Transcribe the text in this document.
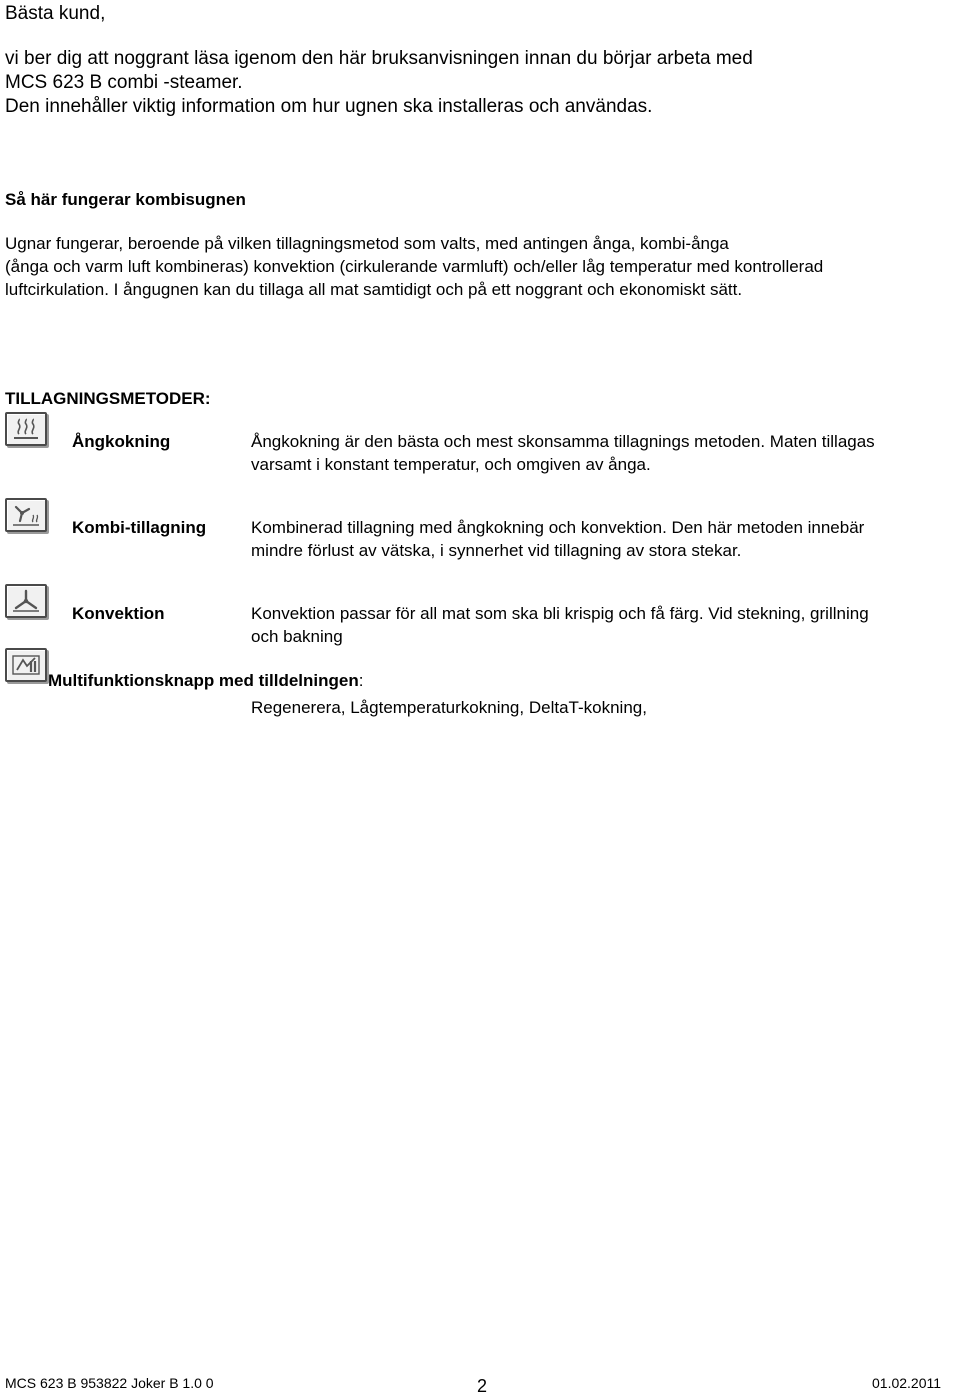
Bästa kund,
vi ber dig att noggrant läsa igenom den här bruksanvisningen innan du börjar arbeta med
MCS 623 B combi -steamer.
Den innehåller viktig information om hur ugnen ska installeras och användas.
Så här fungerar kombisugnen
Ugnar fungerar, beroende på vilken tillagningsmetod som valts, med antingen ånga, kombi-ånga
(ånga och varm luft kombineras) konvektion (cirkulerande varmluft) och/eller låg temperatur med kontrollerad
luftcirkulation. I ångugnen kan du tillaga all mat samtidigt och på ett noggrant och ekonomiskt sätt.
TILLAGNINGSMETODER:
Ångkokning	Ångkokning är den bästa och mest skonsamma tillagnings metoden. Maten tillagas
varsamt i konstant temperatur, och omgiven av ånga.
Kombi-tillagning	Kombinerad tillagning med ångkokning och konvektion. Den här metoden innebär
mindre förlust av vätska, i synnerhet vid tillagning av stora stekar.
Konvektion	Konvektion passar för all mat som ska bli krispig och få färg. Vid stekning, grillning
och bakning
Multifunktionsknapp med tilldelningen:
Regenerera, Lågtemperaturkokning, DeltaT-kokning,
MCS 623 B 953822 Joker B 1.0 0	2	01.02.2011
